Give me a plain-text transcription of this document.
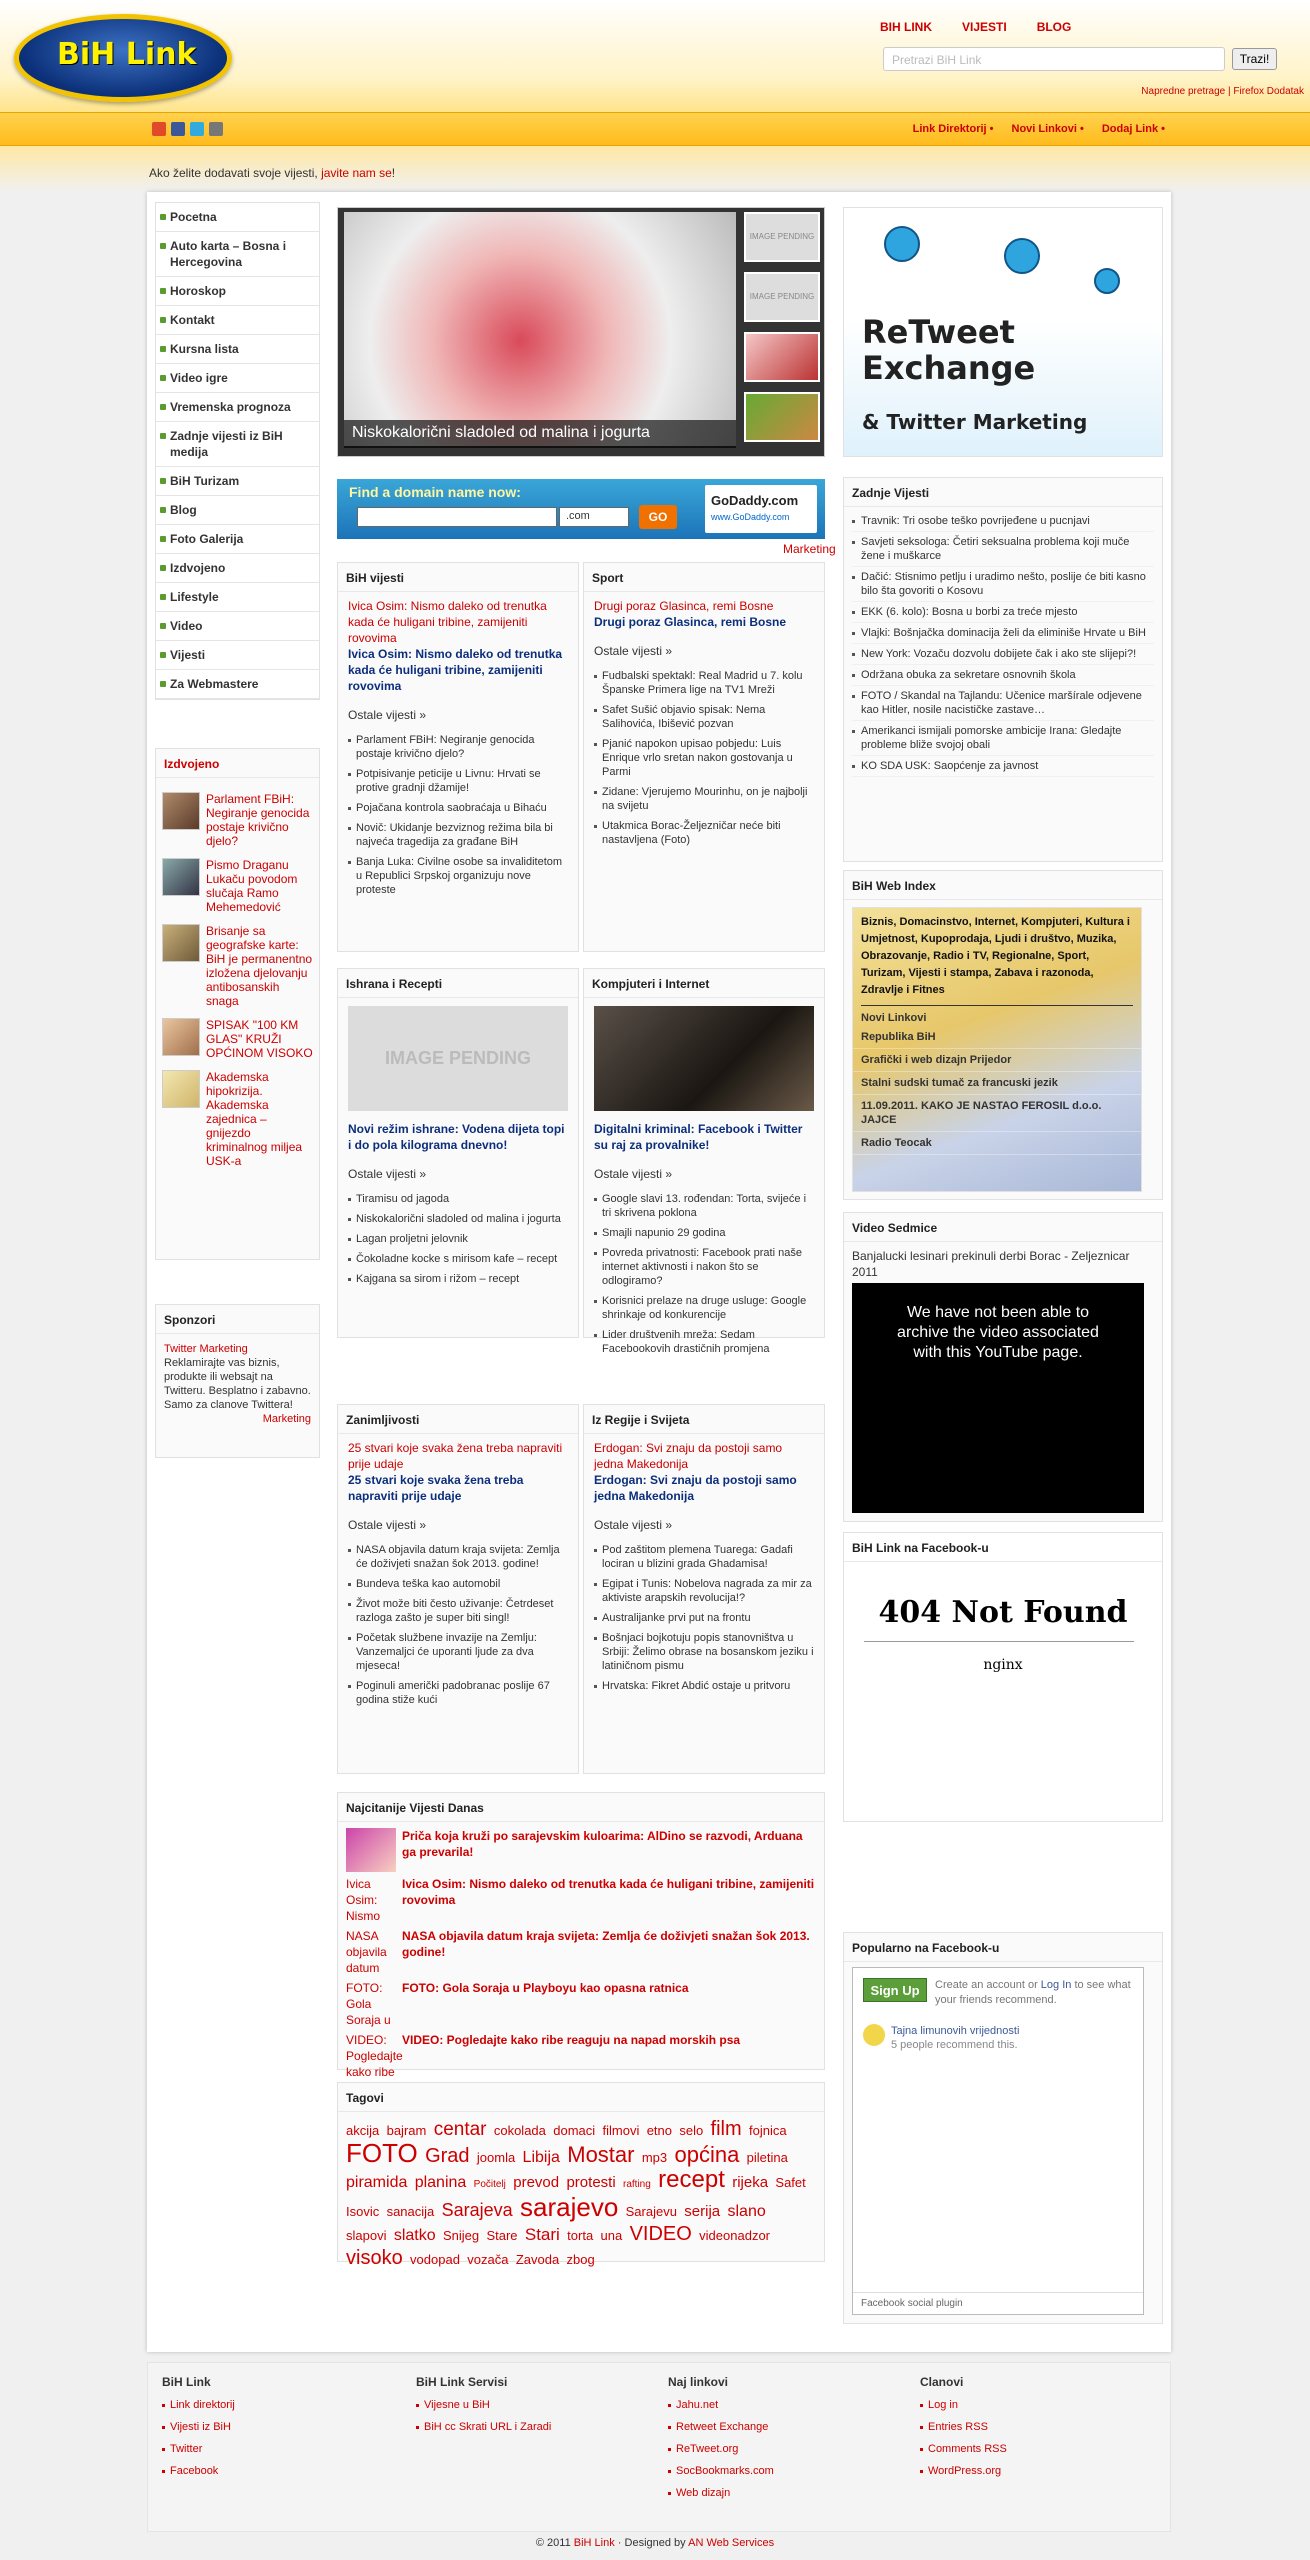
BiH Link
BIH LINK	VIJESTI	BLOG
Pretrazi BiH Link	Trazi!
Napredne pretrage | Firefox Dodatak
Link Direktorij •	Novi Linkovi •	Dodaj Link •
Ako želite dodavati svoje vijesti, javite nam se!
Pocetna
Auto karta – Bosna i Hercegovina
Horoskop
Kontakt
Kursna lista
Video igre
Vremenska prognoza
Zadnje vijesti iz BiH medija
BiH Turizam
Blog
Foto Galerija
Izdvojeno
Lifestyle
Video
Vijesti
Za Webmastere
Izdvojeno
Parlament FBiH: Negiranje genocida postaje krivično djelo?
Pismo Draganu Lukaču povodom slučaja Ramo Mehemedović
Brisanje sa geografske karte: BiH je permanentno izložena djelovanju antibosanskih snaga
SPISAK "100 KM GLAS" KRUŽI OPĆINOM VISOKO
Akademska hipokrizija. Akademska zajednica – gnijezdo kriminalnog miljea USK-a
Sponzori
Twitter Marketing
Reklamirajte vas biznis, produkte ili websajt na Twitteru. Besplatno i zabavno. Samo za clanove Twittera!
Marketing
Niskokalorični sladoled od malina i jogurta
IMAGE PENDING
IMAGE PENDING
Find a domain name now:
.com	GO
GoDaddy.com
www.GoDaddy.com
Marketing
BiH vijesti
Ivica Osim: Nismo daleko od trenutka kada će huligani tribine, zamijeniti rovovima
Ivica Osim: Nismo daleko od trenutka kada će huligani tribine, zamijeniti rovovima
Ostale vijesti »
Parlament FBiH: Negiranje genocida postaje krivično djelo?
Potpisivanje peticije u Livnu: Hrvati se protive gradnji džamije!
Pojačana kontrola saobraćaja u Bihaću
Novič: Ukidanje bezviznog režima bila bi najveća tragedija za građane BiH
Banja Luka: Civilne osobe sa invaliditetom u Republici Srpskoj organizuju nove proteste
Sport
Drugi poraz Glasinca, remi Bosne
Drugi poraz Glasinca, remi Bosne
Ostale vijesti »
Fudbalski spektakl: Real Madrid u 7. kolu Španske Primera lige na TV1 Mreži
Safet Sušić objavio spisak: Nema Salihovića, Ibišević pozvan
Pjanić napokon upisao pobjedu: Luis Enrique vrlo sretan nakon gostovanja u Parmi
Zidane: Vjerujemo Mourinhu, on je najbolji na svijetu
Utakmica Borac-Željezničar neće biti nastavljena (Foto)
Ishrana i Recepti
IMAGE PENDING
Novi režim ishrane: Vodena dijeta topi i do pola kilograma dnevno!
Ostale vijesti »
Tiramisu od jagoda
Niskokalorični sladoled od malina i jogurta
Lagan proljetni jelovnik
Čokoladne kocke s mirisom kafe – recept
Kajgana sa sirom i rižom – recept
Kompjuteri i Internet
Digitalni kriminal: Facebook i Twitter su raj za provalnike!
Ostale vijesti »
Google slavi 13. rođendan: Torta, svijeće i tri skrivena poklona
Smajli napunio 29 godina
Povreda privatnosti: Facebook prati naše internet aktivnosti i nakon što se odlogiramo?
Korisnici prelaze na druge usluge: Google shrinkaje od konkurencije
Lider društvenih mreža: Sedam Facebookovih drastičnih promjena
Zanimljivosti
25 stvari koje svaka žena treba napraviti prije udaje
25 stvari koje svaka žena treba napraviti prije udaje
Ostale vijesti »
NASA objavila datum kraja svijeta: Zemlja će doživjeti snažan šok 2013. godine!
Bundeva teška kao automobil
Život može biti često uživanje: Četrdeset razloga zašto je super biti singl!
Početak službene invazije na Zemlju: Vanzemaljci će uporanti ljude za dva mjeseca!
Poginuli američki padobranac poslije 67 godina stiže kući
Iz Regije i Svijeta
Erdogan: Svi znaju da postoji samo jedna Makedonija
Erdogan: Svi znaju da postoji samo jedna Makedonija
Ostale vijesti »
Pod zaštitom plemena Tuarega: Gadafi lociran u blizini grada Ghadamisa!
Egipat i Tunis: Nobelova nagrada za mir za aktiviste arapskih revolucija!?
Australijanke prvi put na frontu
Bošnjaci bojkotuju popis stanovništva u Srbiji: Želimo obrase na bosanskom jeziku i latiničnom pismu
Hrvatska: Fikret Abdić ostaje u pritvoru
Najcitanije Vijesti Danas
Priča koja kruži po sarajevskim kuloarima: AlDino se razvodi, Arduana ga prevarila!
Ivica Osim: Nismo
Ivica Osim: Nismo daleko od trenutka kada će huligani tribine, zamijeniti rovovima
NASA objavila datum
NASA objavila datum kraja svijeta: Zemlja će doživjeti snažan šok 2013. godine!
FOTO: Gola Soraja u
FOTO: Gola Soraja u Playboyu kao opasna ratnica
VIDEO: Pogledajte kako ribe
VIDEO: Pogledajte kako ribe reaguju na napad morskih psa
Tagovi
akcija bajram centar cokolada domaci filmovi etno selo film fojnica FOTO Grad joomla Libija Mostar mp3 općina piletina piramida planina Počitelj prevod protesti rafting recept rijeka Safet Isovic sanacija Sarajeva sarajevo Sarajevu serija slano slapovi slatko Snijeg Stare Stari torta una VIDEO videonadzor visoko vodopad vozača Zavoda zbog
ReTweet
Exchange
& Twitter Marketing
Zadnje Vijesti
Travnik: Tri osobe teško povrijeđene u pucnjavi
Savjeti seksologa: Četiri seksualna problema koji muče žene i muškarce
Dačić: Stisnimo petlju i uradimo nešto, poslije će biti kasno bilo šta govoriti o Kosovu
EKK (6. kolo): Bosna u borbi za treće mjesto
Vlajki: Bošnjačka dominacija želi da eliminiše Hrvate u BiH
New York: Vozaču dozvolu dobijete čak i ako ste slijepi?!
Održana obuka za sekretare osnovnih škola
FOTO / Skandal na Tajlandu: Učenice maršírale odjevene kao Hitler, nosile nacističke zastave…
Amerikanci ismijali pomorske ambicije Irana: Gledajte probleme bliže svojoj obali
KO SDA USK: Saopćenje za javnost
BiH Web Index
Biznis, Domacinstvo, Internet, Kompjuteri, Kultura i Umjetnost, Kupoprodaja, Ljudi i društvo, Muzika, Obrazovanje, Radio i TV, Regionalne, Sport, Turizam, Vijesti i stampa, Zabava i razonoda, Zdravlje i Fitnes
Novi Linkovi
Republika BiH
Grafički i web dizajn Prijedor
Stalni sudski tumač za francuski jezik
11.09.2011. KAKO JE NASTAO FEROSIL d.o.o. JAJCE
Radio Teocak
Video Sedmice
Banjalucki lesinari prekinuli derbi Borac - Zeljeznicar 2011
We have not been able to archive the video associated with this YouTube page.
BiH Link na Facebook-u
404 Not Found
nginx
Popularno na Facebook-u
Sign Up	Create an account or Log In to see what your friends recommend.
Tajna limunovih vrijednosti
5 people recommend this.
Facebook social plugin
BiH Link
Link direktorij
Vijesti iz BiH
Twitter
Facebook
BiH Link Servisi
Vijesne u BiH
BiH cc Skrati URL i Zaradi
Naj linkovi
Jahu.net
Retweet Exchange
ReTweet.org
SocBookmarks.com
Web dizajn
Clanovi
Log in
Entries RSS
Comments RSS
WordPress.org
© 2011 BiH Link · Designed by AN Web Services
